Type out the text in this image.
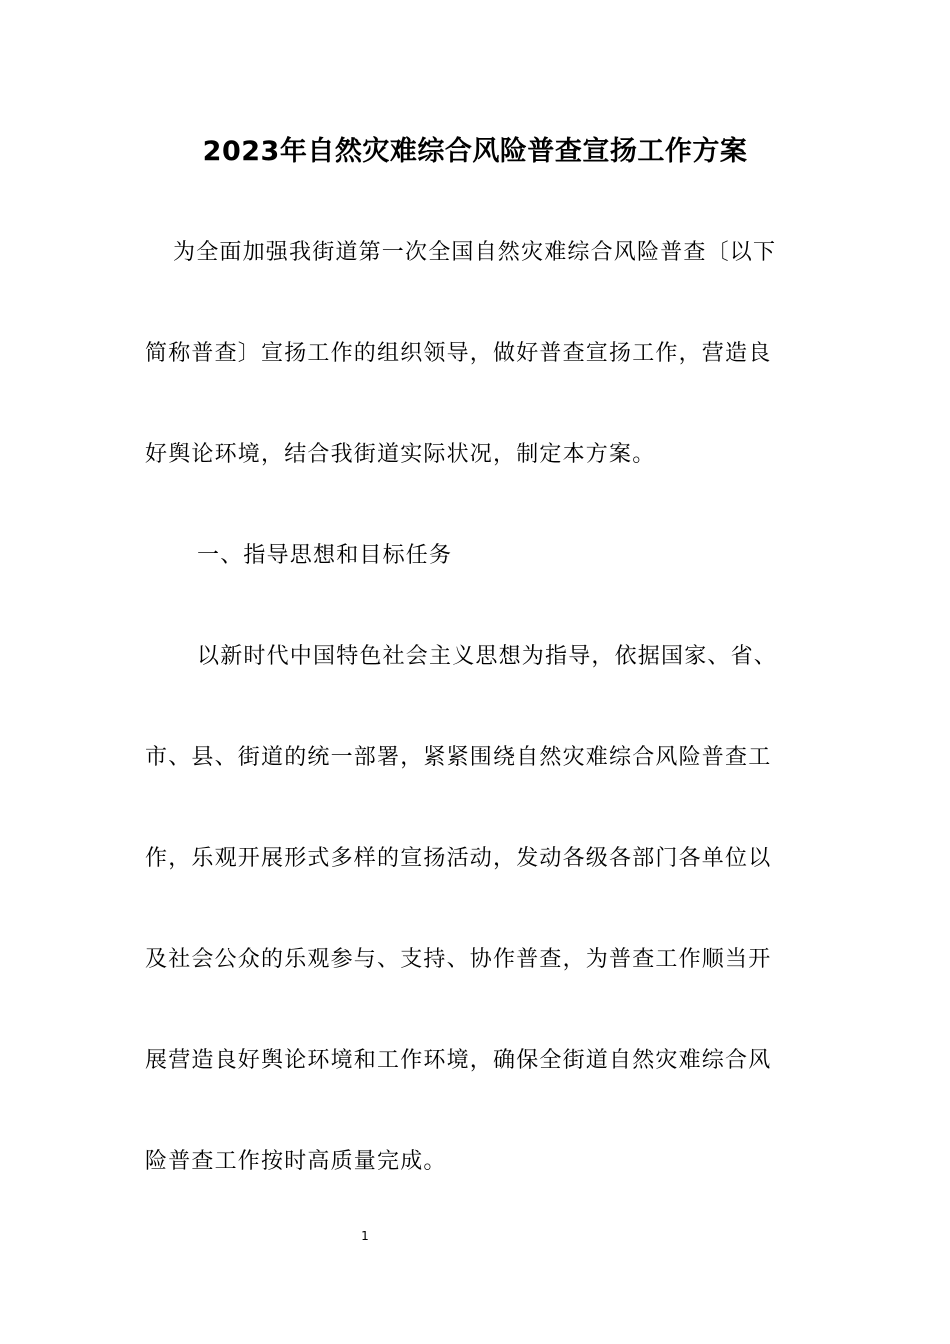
2023年自然灾难综合风险普查宣扬工作方案
为全面加强我街道第一次全国自然灾难综合风险普查〔以下
简称普查〕宣扬工作的组织领导，做好普查宣扬工作，营造良
好舆论环境，结合我街道实际状况，制定本方案。
一、指导思想和目标任务
以新时代中国特色社会主义思想为指导，依据国家、省、
市、县、街道的统一部署，紧紧围绕自然灾难综合风险普查工
作，乐观开展形式多样的宣扬活动，发动各级各部门各单位以
及社会公众的乐观参与、支持、协作普查，为普查工作顺当开
展营造良好舆论环境和工作环境，确保全街道自然灾难综合风
险普查工作按时高质量完成。
1
